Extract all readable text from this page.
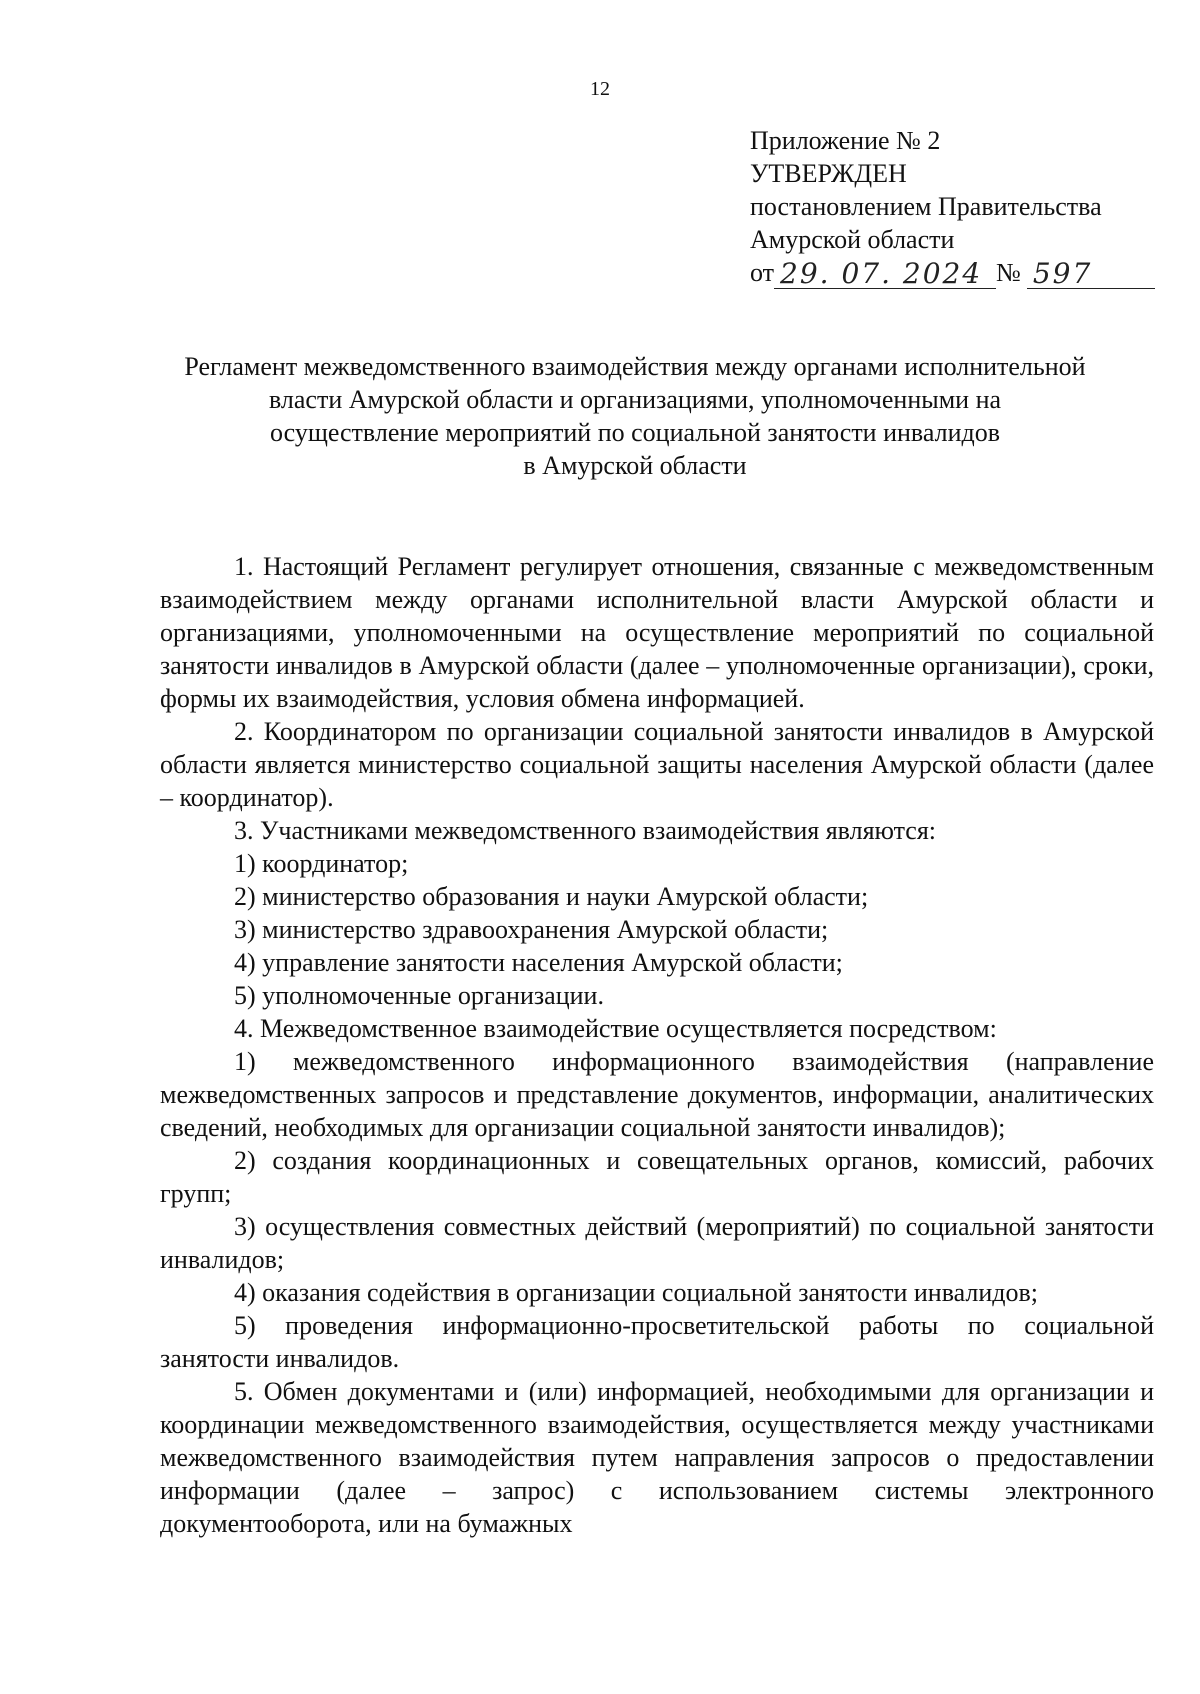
12
Приложение № 2
УТВЕРЖДЕН
постановлением Правительства
Амурской области
от 29. 07. 2024 № 597
Регламент межведомственного взаимодействия между органами исполнительной
власти Амурской области и организациями, уполномоченными на
осуществление мероприятий по социальной занятости инвалидов
в Амурской области

1. Настоящий Регламент регулирует отношения, связанные с межведомственным взаимодействием между органами исполнительной власти Амурской области и организациями, уполномоченными на осуществление мероприятий по социальной занятости инвалидов в Амурской области (далее – уполномоченные организации), сроки, формы их взаимодействия, условия обмена информацией.

2. Координатором по организации социальной занятости инвалидов в Амурской области является министерство социальной защиты населения Амурской области (далее – координатор).

3. Участниками межведомственного взаимодействия являются:

1) координатор;

2) министерство образования и науки Амурской области;

3) министерство здравоохранения Амурской области;

4) управление занятости населения Амурской области;

5) уполномоченные организации.

4. Межведомственное взаимодействие осуществляется посредством:

1) межведомственного информационного взаимодействия (направление межведомственных запросов и представление документов, информации, аналитических сведений, необходимых для организации социальной занятости инвалидов);

2) создания координационных и совещательных органов, комиссий, рабочих групп;

3) осуществления совместных действий (мероприятий) по социальной занятости инвалидов;

4) оказания содействия в организации социальной занятости инвалидов;

5) проведения информационно-просветительской работы по социальной занятости инвалидов.

5. Обмен документами и (или) информацией, необходимыми для организации и координации межведомственного взаимодействия, осуществляется между участниками межведомственного взаимодействия путем направления запросов о предоставлении информации (далее – запрос) с использованием системы электронного документооборота, или на бумажных
